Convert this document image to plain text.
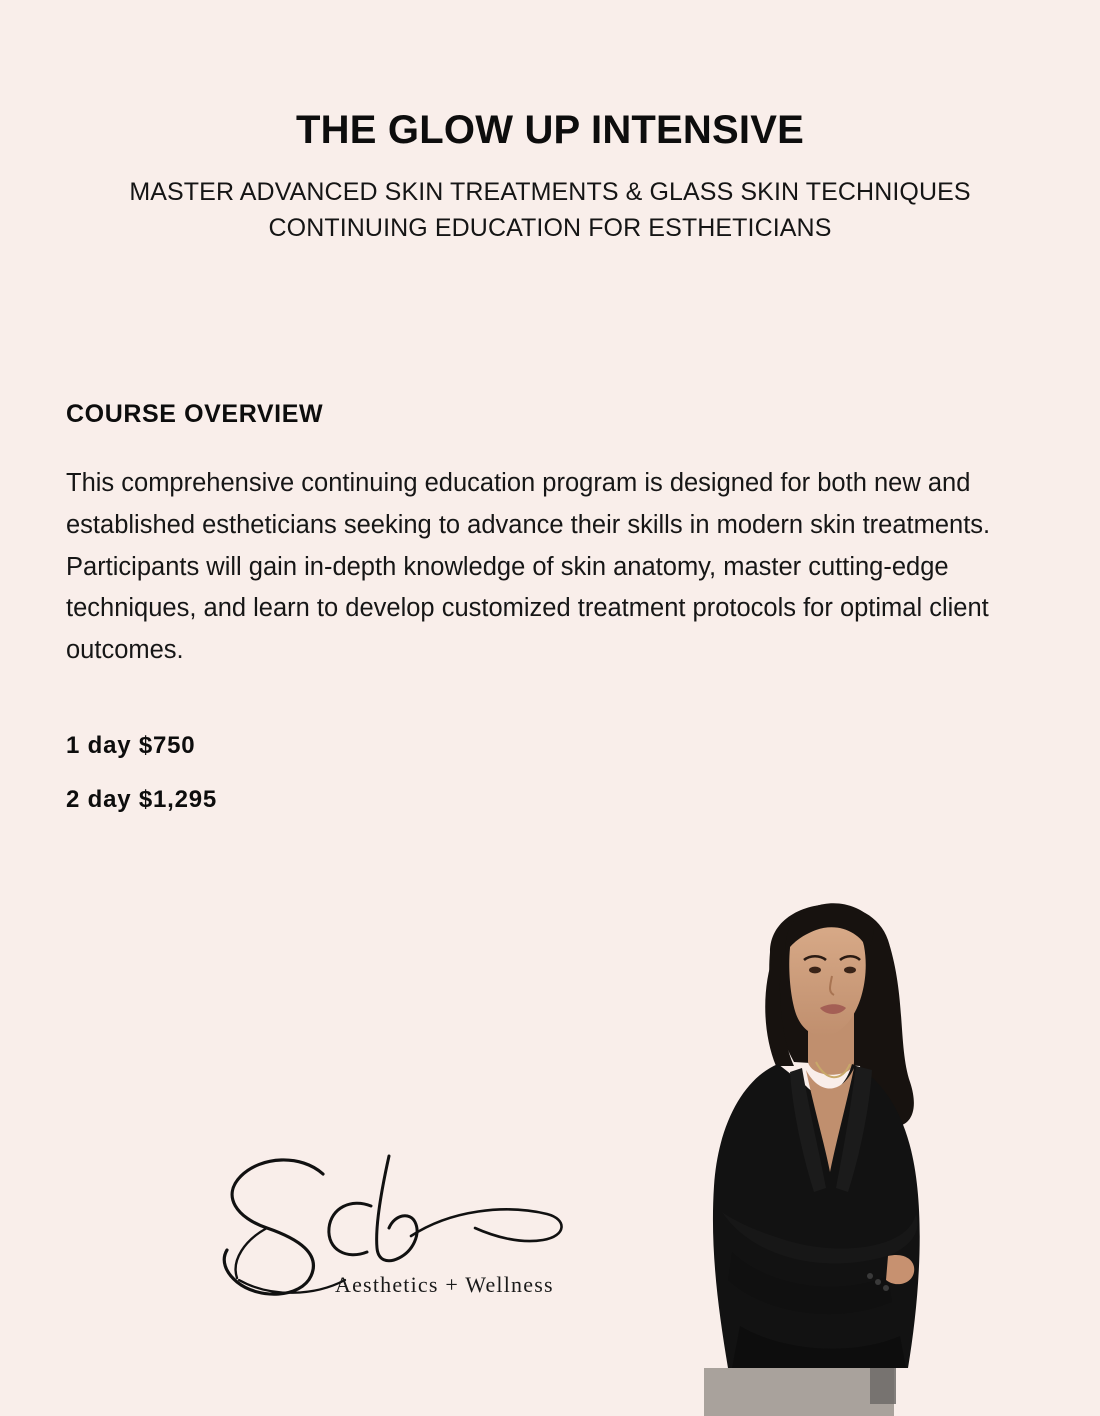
THE GLOW UP INTENSIVE

MASTER ADVANCED SKIN TREATMENTS & GLASS SKIN TECHNIQUES

CONTINUING EDUCATION FOR ESTHETICIANS

COURSE OVERVIEW

This comprehensive continuing education program is designed for both new and established estheticians seeking to advance their skills in modern skin treatments. Participants will gain in-depth knowledge of skin anatomy, master cutting-edge techniques, and learn to develop customized treatment protocols for optimal client outcomes.

1 day $750

2 day $1,295

Aesthetics + Wellness
